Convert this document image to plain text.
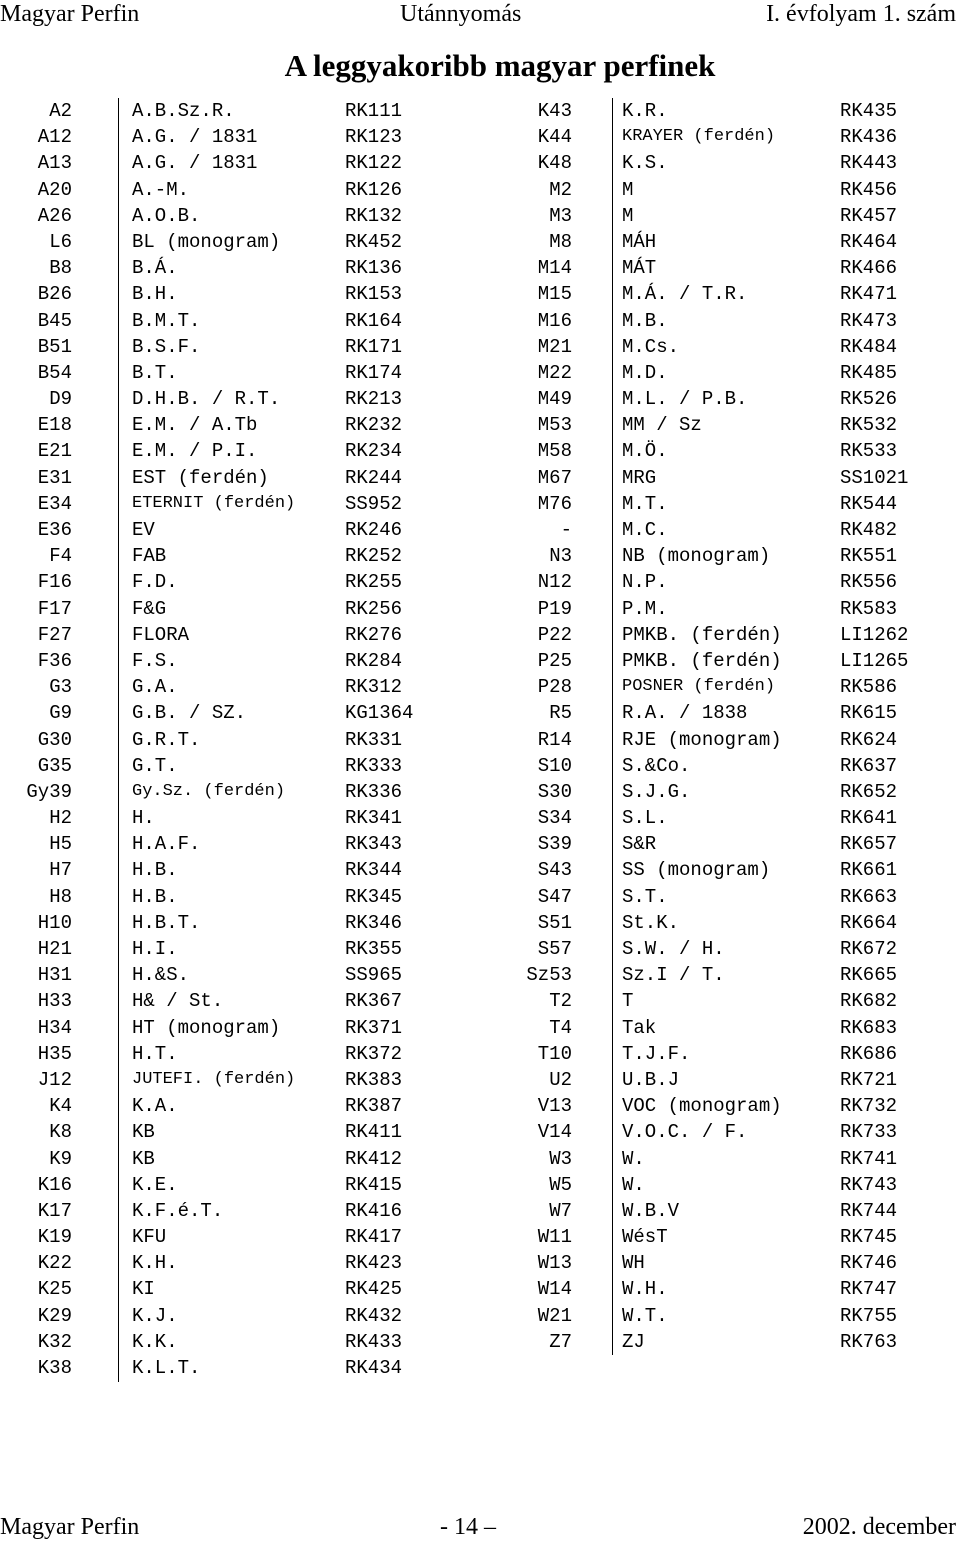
Magyar Perfin	Utánnyomás	I. évfolyam 1. szám
A leggyakoribb magyar perfinek
A2	A.B.Sz.R.	RK111
A12	A.G. / 1831	RK123
A13	A.G. / 1831	RK122
A20	A.-M.	RK126
A26	A.O.B.	RK132
L6	BL (monogram)	RK452
B8	B.Á.	RK136
B26	B.H.	RK153
B45	B.M.T.	RK164
B51	B.S.F.	RK171
B54	B.T.	RK174
D9	D.H.B. / R.T.	RK213
E18	E.M. / A.Tb	RK232
E21	E.M. / P.I.	RK234
E31	EST (ferdén)	RK244
E34	ETERNIT (ferdén)	SS952
E36	EV	RK246
F4	FAB	RK252
F16	F.D.	RK255
F17	F&G	RK256
F27	FLORA	RK276
F36	F.S.	RK284
G3	G.A.	RK312
G9	G.B. / SZ.	KG1364
G30	G.R.T.	RK331
G35	G.T.	RK333
Gy39	Gy.Sz. (ferdén)	RK336
H2	H.	RK341
H5	H.A.F.	RK343
H7	H.B.	RK344
H8	H.B.	RK345
H10	H.B.T.	RK346
H21	H.I.	RK355
H31	H.&S.	SS965
H33	H& / St.	RK367
H34	HT (monogram)	RK371
H35	H.T.	RK372
J12	JUTEFI. (ferdén)	RK383
K4	K.A.	RK387
K8	KB	RK411
K9	KB	RK412
K16	K.E.	RK415
K17	K.F.é.T.	RK416
K19	KFU	RK417
K22	K.H.	RK423
K25	KI	RK425
K29	K.J.	RK432
K32	K.K.	RK433
K38	K.L.T.	RK434
K43	K.R.	RK435
K44	KRAYER (ferdén)	RK436
K48	K.S.	RK443
M2	M	RK456
M3	M	RK457
M8	MÁH	RK464
M14	MÁT	RK466
M15	M.Á. / T.R.	RK471
M16	M.B.	RK473
M21	M.Cs.	RK484
M22	M.D.	RK485
M49	M.L. / P.B.	RK526
M53	MM / Sz	RK532
M58	M.Ö.	RK533
M67	MRG	SS1021
M76	M.T.	RK544
-	M.C.	RK482
N3	NB (monogram)	RK551
N12	N.P.	RK556
P19	P.M.	RK583
P22	PMKB. (ferdén)	LI1262
P25	PMKB. (ferdén)	LI1265
P28	POSNER (ferdén)	RK586
R5	R.A. / 1838	RK615
R14	RJE (monogram)	RK624
S10	S.&Co.	RK637
S30	S.J.G.	RK652
S34	S.L.	RK641
S39	S&R	RK657
S43	SS (monogram)	RK661
S47	S.T.	RK663
S51	St.K.	RK664
S57	S.W. / H.	RK672
Sz53	Sz.I / T.	RK665
T2	T	RK682
T4	Tak	RK683
T10	T.J.F.	RK686
U2	U.B.J	RK721
V13	VOC (monogram)	RK732
V14	V.O.C. / F.	RK733
W3	W.	RK741
W5	W.	RK743
W7	W.B.V	RK744
W11	WésT	RK745
W13	WH	RK746
W14	W.H.	RK747
W21	W.T.	RK755
Z7	ZJ	RK763
Magyar Perfin	- 14 –	2002. december
